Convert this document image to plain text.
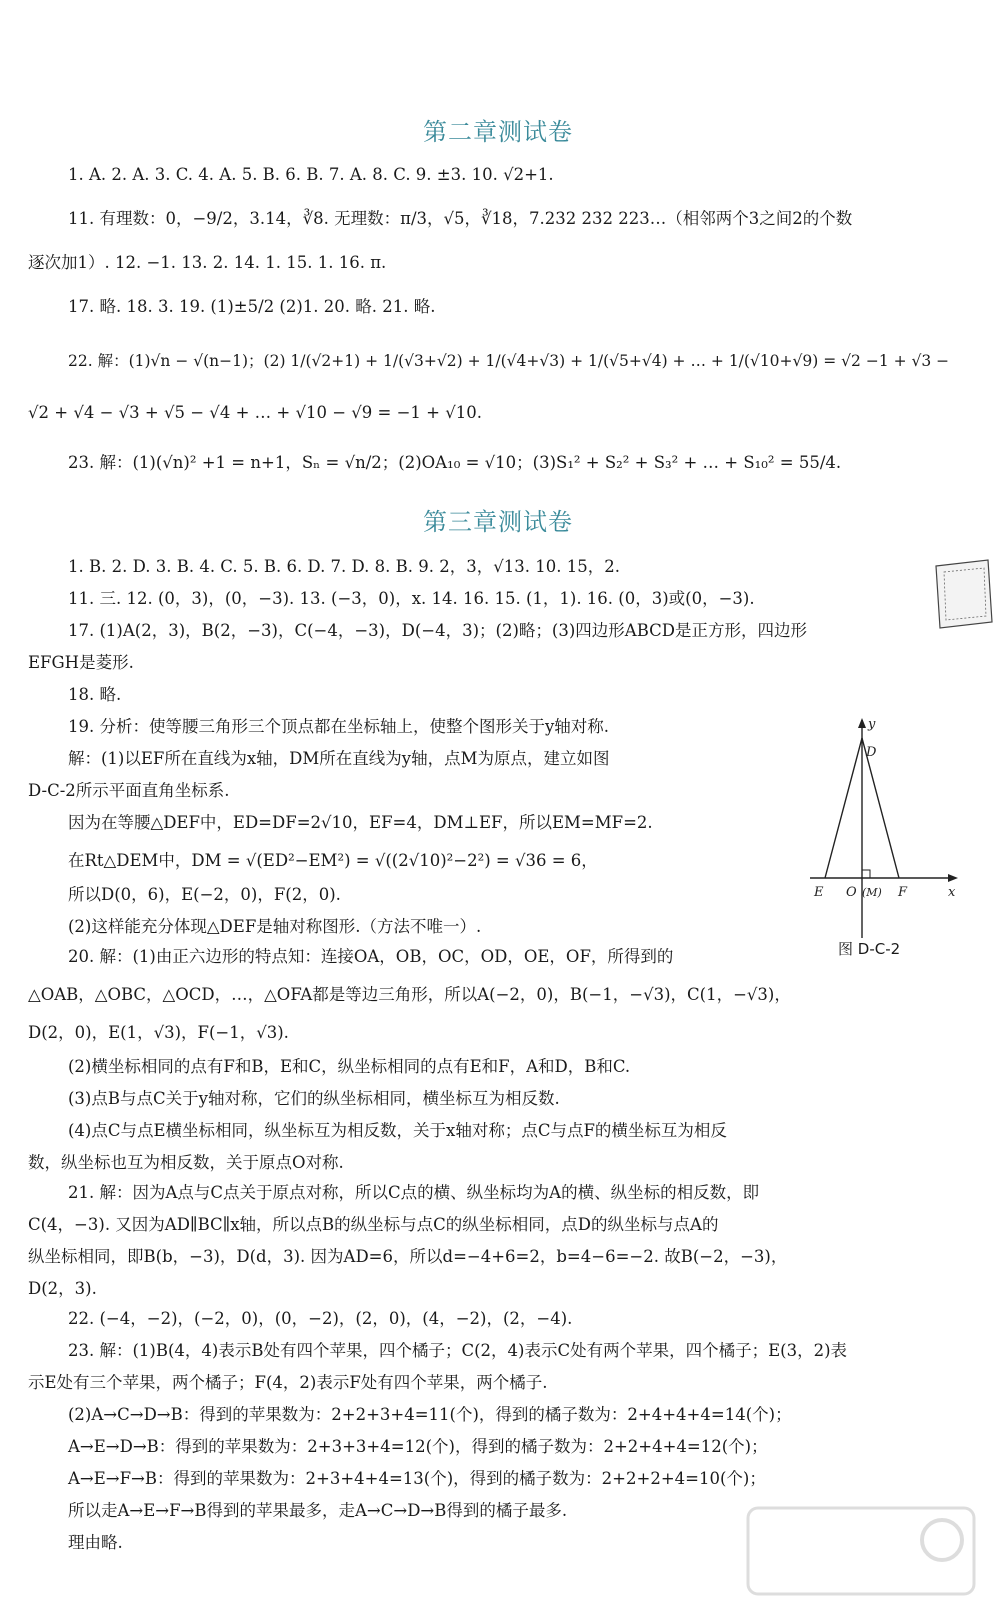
第二章测试卷
1. A. 2. A. 3. C. 4. A. 5. B. 6. B. 7. A. 8. C. 9. ±3. 10. √2+1.
11. 有理数：0，−9/2，3.14，∛8. 无理数：π/3，√5，∛18，7.232 232 223…（相邻两个3之间2的个数
逐次加1）. 12. −1. 13. 2. 14. 1. 15. 1. 16. π.
17. 略. 18. 3. 19. (1)±5/2 (2)1. 20. 略. 21. 略.
22. 解：(1)√n − √(n−1)；(2) 1/(√2+1) + 1/(√3+√2) + 1/(√4+√3) + 1/(√5+√4) + … + 1/(√10+√9) = √2 −1 + √3 −
√2 + √4 − √3 + √5 − √4 + … + √10 − √9 = −1 + √10.
23. 解：(1)(√n)² +1 = n+1，Sₙ = √n/2；(2)OA₁₀ = √10；(3)S₁² + S₂² + S₃² + … + S₁₀² = 55/4.
第三章测试卷
1. B. 2. D. 3. B. 4. C. 5. B. 6. D. 7. D. 8. B. 9. 2，3，√13. 10. 15，2.
11. 三. 12. (0，3)，(0，−3). 13. (−3，0)，x. 14. 16. 15. (1，1). 16. (0，3)或(0，−3).
17. (1)A(2，3)，B(2，−3)，C(−4，−3)，D(−4，3)；(2)略；(3)四边形ABCD是正方形，四边形
EFGH是菱形.
18. 略.
19. 分析：使等腰三角形三个顶点都在坐标轴上，使整个图形关于y轴对称.
解：(1)以EF所在直线为x轴，DM所在直线为y轴，点M为原点，建立如图
D-C-2所示平面直角坐标系.
因为在等腰△DEF中，ED=DF=2√10，EF=4，DM⊥EF，所以EM=MF=2.
在Rt△DEM中，DM = √(ED²−EM²) = √((2√10)²−2²) = √36 = 6，
所以D(0，6)，E(−2，0)，F(2，0).
(2)这样能充分体现△DEF是轴对称图形.（方法不唯一）.
20. 解：(1)由正六边形的特点知：连接OA，OB，OC，OD，OE，OF，所得到的
△OAB，△OBC，△OCD，…，△OFA都是等边三角形，所以A(−2，0)，B(−1，−√3)，C(1，−√3)，
D(2，0)，E(1，√3)，F(−1，√3).
(2)横坐标相同的点有F和B，E和C，纵坐标相同的点有E和F，A和D，B和C.
(3)点B与点C关于y轴对称，它们的纵坐标相同，横坐标互为相反数.
(4)点C与点E横坐标相同，纵坐标互为相反数，关于x轴对称；点C与点F的横坐标互为相反
数，纵坐标也互为相反数，关于原点O对称.
21. 解：因为A点与C点关于原点对称，所以C点的横、纵坐标均为A的横、纵坐标的相反数，即
C(4，−3). 又因为AD∥BC∥x轴，所以点B的纵坐标与点C的纵坐标相同，点D的纵坐标与点A的
纵坐标相同，即B(b，−3)，D(d，3). 因为AD=6，所以d=−4+6=2，b=4−6=−2. 故B(−2，−3)，
D(2，3).
22. (−4，−2)，(−2，0)，(0，−2)，(2，0)，(4，−2)，(2，−4).
23. 解：(1)B(4，4)表示B处有四个苹果，四个橘子；C(2，4)表示C处有两个苹果，四个橘子；E(3，2)表
示E处有三个苹果，两个橘子；F(4，2)表示F处有四个苹果，两个橘子.
(2)A→C→D→B：得到的苹果数为：2+2+3+4=11(个)，得到的橘子数为：2+4+4+4=14(个)；
A→E→D→B：得到的苹果数为：2+3+3+4=12(个)，得到的橘子数为：2+2+4+4=12(个)；
A→E→F→B：得到的苹果数为：2+3+4+4=13(个)，得到的橘子数为：2+2+2+4=10(个)；
所以走A→E→F→B得到的苹果最多，走A→C→D→B得到的橘子最多.
理由略.
y
x
D
E O (M) F
图 D-C-2
